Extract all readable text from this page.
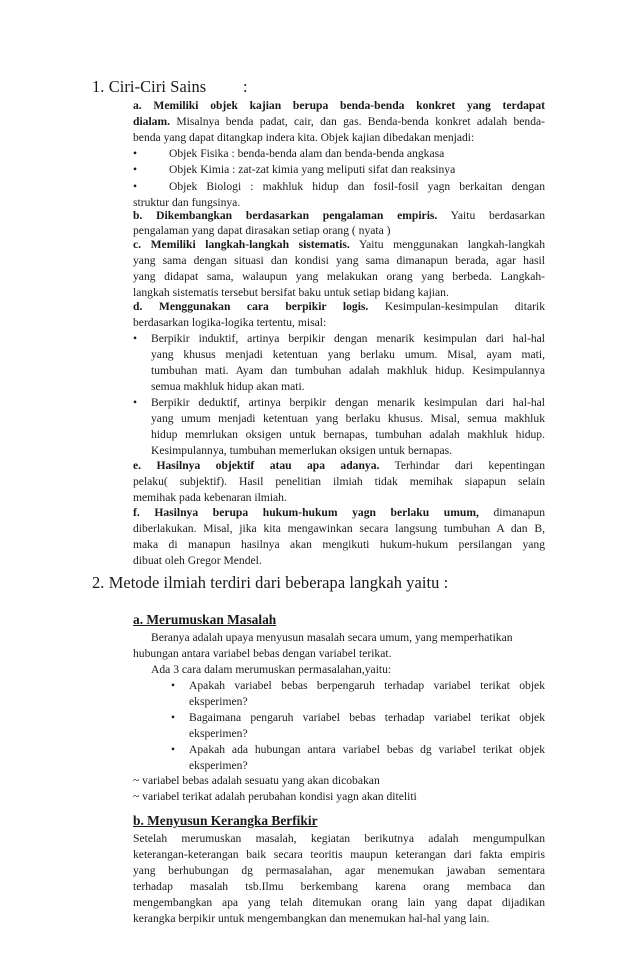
1. Ciri-Ciri Sains :
a. Memiliki objek kajian berupa benda-benda konkret yang terdapat
dialam. Misalnya benda padat, cair, dan gas. Benda-benda konkret adalah benda-
benda yang dapat ditangkap indera kita. Objek kajian dibedakan menjadi:
•	Objek Fisika : benda-benda alam dan benda-benda angkasa
•	Objek Kimia : zat-zat kimia yang meliputi sifat dan reaksinya
•	Objek Biologi : makhluk hidup dan fosil-fosil yagn berkaitan dengan
struktur dan fungsinya.
b. Dikembangkan berdasarkan pengalaman empiris. Yaitu berdasarkan
pengalaman yang dapat dirasakan setiap orang ( nyata )
c. Memiliki langkah-langkah sistematis. Yaitu menggunakan langkah-langkah
yang sama dengan situasi dan kondisi yang sama dimanapun berada, agar hasil
yang didapat sama, walaupun yang melakukan orang yang berbeda. Langkah-
langkah sistematis tersebut bersifat baku untuk setiap bidang kajian.
d. Menggunakan cara berpikir logis. Kesimpulan-kesimpulan ditarik
berdasarkan logika-logika tertentu, misal:
• Berpikir induktif, artinya berpikir dengan menarik kesimpulan dari hal-hal
yang khusus menjadi ketentuan yang berlaku umum. Misal, ayam mati,
tumbuhan mati. Ayam dan tumbuhan adalah makhluk hidup. Kesimpulannya
semua makhluk hidup akan mati.
• Berpikir deduktif, artinya berpikir dengan menarik kesimpulan dari hal-hal
yang umum menjadi ketentuan yang berlaku khusus. Misal, semua makhluk
hidup memrlukan oksigen untuk bernapas, tumbuhan adalah makhluk hidup.
Kesimpulannya, tumbuhan memerlukan oksigen untuk bernapas.
e. Hasilnya objektif atau apa adanya. Terhindar dari kepentingan
pelaku( subjektif). Hasil penelitian ilmiah tidak memihak siapapun selain
memihak pada kebenaran ilmiah.
f. Hasilnya berupa hukum-hukum yagn berlaku umum, dimanapun
diberlakukan. Misal, jika kita mengawinkan secara langsung tumbuhan A dan B,
maka di manapun hasilnya akan mengikuti hukum-hukum persilangan yang
dibuat oleh Gregor Mendel.
2. Metode ilmiah terdiri dari beberapa langkah yaitu :
a. Merumuskan Masalah
Beranya adalah upaya menyusun masalah secara umum, yang memperhatikan
hubungan antara variabel bebas dengan variabel terikat.
Ada 3 cara dalam merumuskan permasalahan,yaitu:
• Apakah variabel bebas berpengaruh terhadap variabel terikat objek
eksperimen?
• Bagaimana pengaruh variabel bebas terhadap variabel terikat objek
eksperimen?
• Apakah ada hubungan antara variabel bebas dg variabel terikat objek
eksperimen?
~ variabel bebas adalah sesuatu yang akan dicobakan
~ variabel terikat adalah perubahan kondisi yagn akan diteliti
b. Menyusun Kerangka Berfikir
Setelah merumuskan masalah, kegiatan berikutnya adalah mengumpulkan
keterangan-keterangan baik secara teoritis maupun keterangan dari fakta empiris
yang berhubungan dg permasalahan, agar menemukan jawaban sementara
terhadap masalah tsb.Ilmu berkembang karena orang membaca dan
mengembangkan apa yang telah ditemukan orang lain yang dapat dijadikan
kerangka berpikir untuk mengembangkan dan menemukan hal-hal yang lain.
